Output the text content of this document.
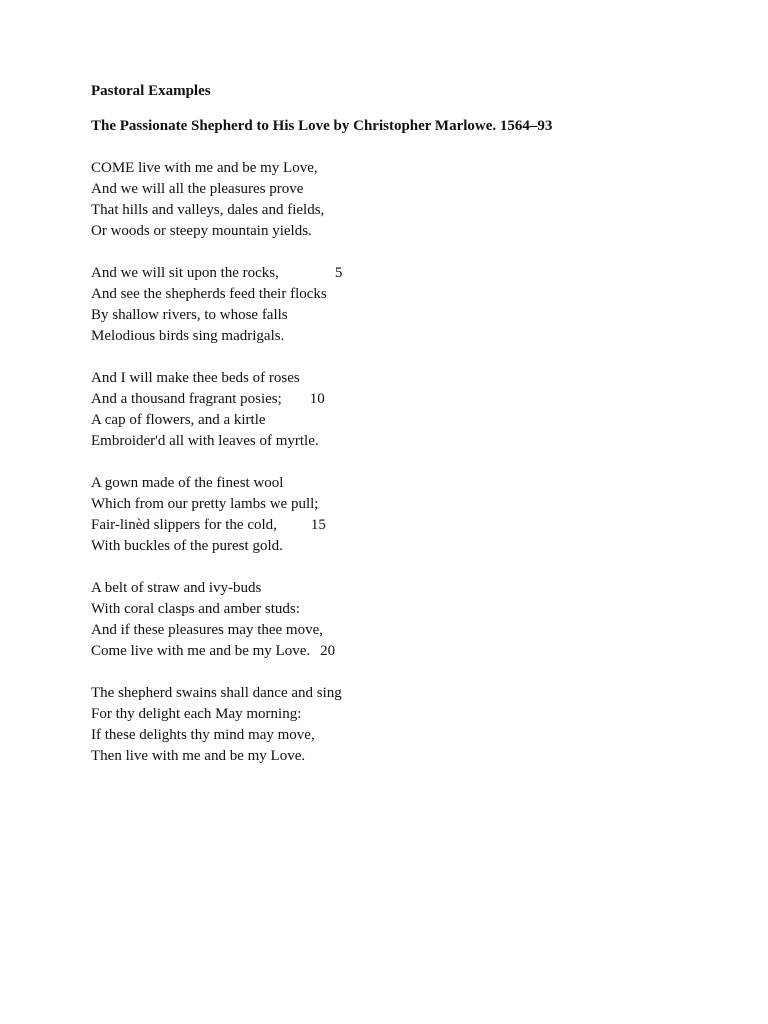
Pastoral Examples
The Passionate Shepherd to His Love by Christopher Marlowe. 1564–93
COME live with me and be my Love,
And we will all the pleasures prove
That hills and valleys, dales and fields,
Or woods or steepy mountain yields.
And we will sit upon the rocks,	5
And see the shepherds feed their flocks
By shallow rivers, to whose falls
Melodious birds sing madrigals.
And I will make thee beds of roses
And a thousand fragrant posies; 10
A cap of flowers, and a kirtle
Embroider'd all with leaves of myrtle.
A gown made of the finest wool
Which from our pretty lambs we pull;
Fair-linèd slippers for the cold, 15
With buckles of the purest gold.
A belt of straw and ivy-buds
With coral clasps and amber studs:
And if these pleasures may thee move,
Come live with me and be my Love. 20
The shepherd swains shall dance and sing
For thy delight each May morning:
If these delights thy mind may move,
Then live with me and be my Love.
